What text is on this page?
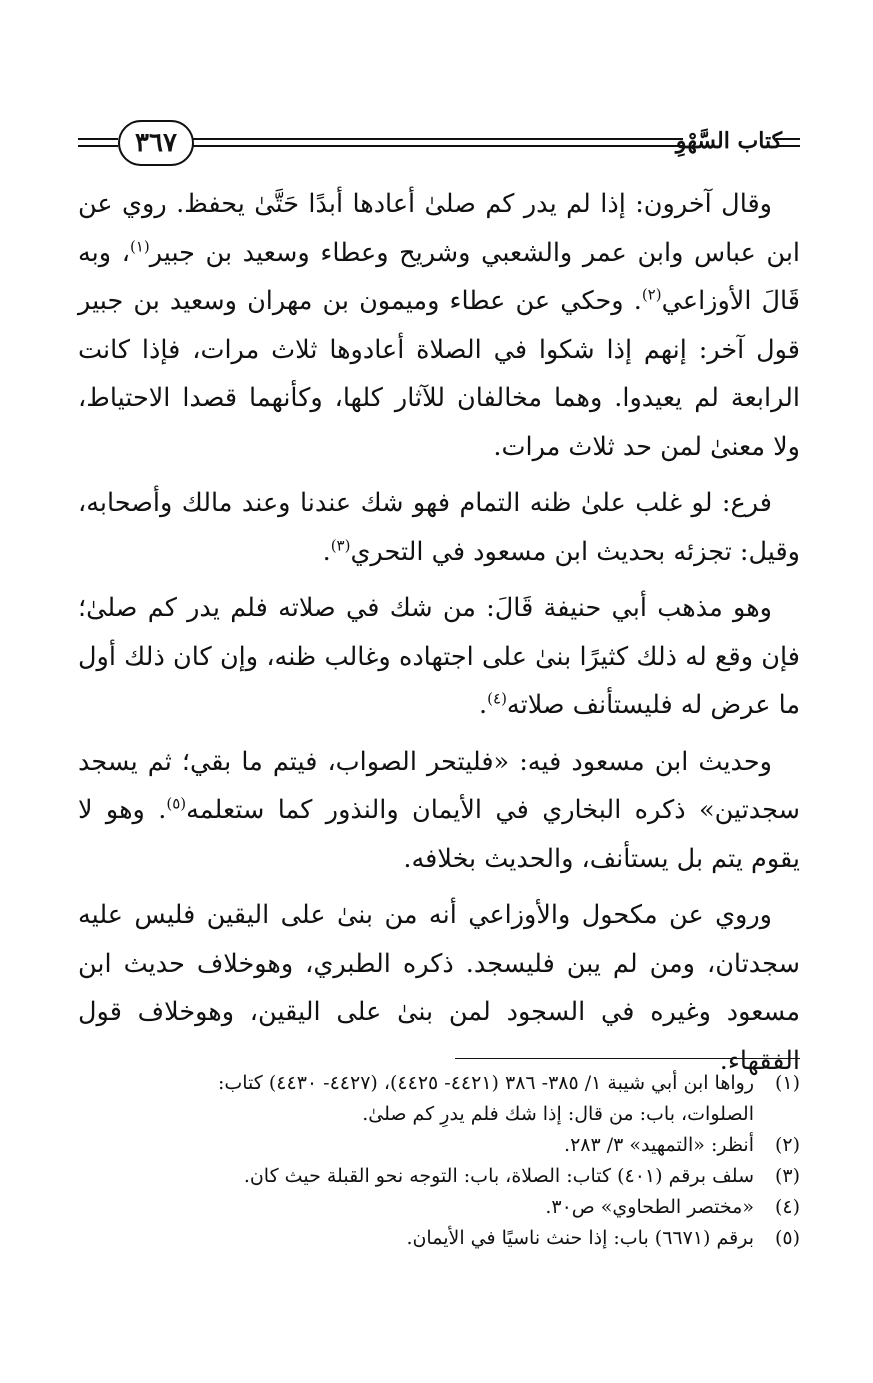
٣٦٧	كتاب السَّهْوِ

وقال آخرون: إذا لم يدر كم صلىٰ أعادها أبدًا حَتَّىٰ يحفظ. روي عن ابن عباس وابن عمر والشعبي وشريح وعطاء وسعيد بن جبير$^{(١)}$، وبه قَالَ الأوزاعي$^{(٢)}$. وحكي عن عطاء وميمون بن مهران وسعيد بن جبير قول آخر: إنهم إذا شكوا في الصلاة أعادوها ثلاث مرات، فإذا كانت الرابعة لم يعيدوا. وهما مخالفان للآثار كلها، وكأنهما قصدا الاحتياط، ولا معنىٰ لمن حد ثلاث مرات.

فرع: لو غلب علىٰ ظنه التمام فهو شك عندنا وعند مالك وأصحابه، وقيل: تجزئه بحديث ابن مسعود في التحري$^{(٣)}$.

وهو مذهب أبي حنيفة قَالَ: من شك في صلاته فلم يدر كم صلىٰ؛ فإن وقع له ذلك كثيرًا بنىٰ على اجتهاده وغالب ظنه، وإن كان ذلك أول ما عرض له فليستأنف صلاته$^{(٤)}$.

وحديث ابن مسعود فيه: «فليتحر الصواب، فيتم ما بقي؛ ثم يسجد سجدتين» ذكره البخاري في الأيمان والنذور كما ستعلمه$^{(٥)}$. وهو لا يقوم يتم بل يستأنف، والحديث بخلافه.

وروي عن مكحول والأوزاعي أنه من بنىٰ على اليقين فليس عليه سجدتان، ومن لم يبن فليسجد. ذكره الطبري، وهوخلاف حديث ابن مسعود وغيره في السجود لمن بنىٰ على اليقين، وهوخلاف قول الفقهاء.

(١)
رواها ابن أبي شيبة ١/ ٣٨٥- ٣٨٦ (٤٤٢١- ٤٤٢٥)، (٤٤٢٧- ٤٤٣٠) كتاب:
الصلوات، باب: من قال: إذا شك فلم يدرِ كم صلىٰ.
(٢)
أنظر: «التمهيد» ٣/ ٢٨٣.
(٣)
سلف برقم (٤٠١) كتاب: الصلاة، باب: التوجه نحو القبلة حيث كان.
(٤)
«مختصر الطحاوي» ص٣٠.
(٥)
برقم (٦٦٧١) باب: إذا حنث ناسيًا في الأيمان.
